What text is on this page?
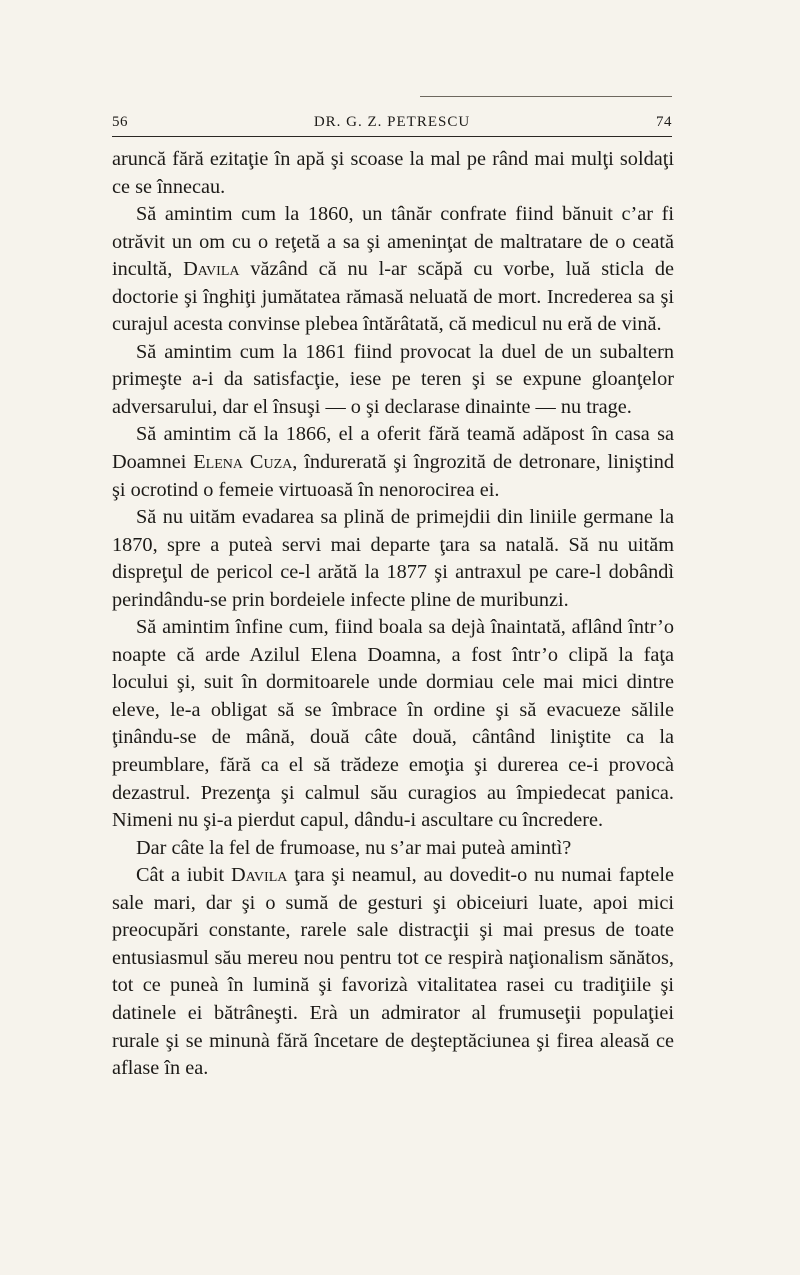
56	DR. G. Z. PETRESCU	74

aruncă fără ezitaţie în apă şi scoase la mal pe rând mai mulţi soldaţi ce se înnecau.

Să amintim cum la 1860, un tânăr confrate fiind bănuit c’ar fi otrăvit un om cu o reţetă a sa şi ameninţat de maltratare de o ceată incultă, Davila văzând că nu l-ar scăpă cu vorbe, luă sticla de doctorie şi înghiţi jumătatea rămasă neluată de mort. Increderea sa şi curajul acesta convinse plebea întărâtată, că medicul nu eră de vină.

Să amintim cum la 1861 fiind provocat la duel de un subaltern primeşte a-i da satisfacţie, iese pe teren şi se expune gloanţelor adversarului, dar el însuşi — o şi declarase dinainte — nu trage.

Să amintim că la 1866, el a oferit fără teamă adăpost în casa sa Doamnei Elena Cuza, îndurerată şi îngrozită de detronare, liniştind şi ocrotind o femeie virtuoasă în nenorocirea ei.

Să nu uităm evadarea sa plină de primejdii din liniile germane la 1870, spre a puteà servi mai departe ţara sa natală. Să nu uităm dispreţul de pericol ce-l arătă la 1877 şi antraxul pe care-l dobândì perindându-se prin bordeiele infecte pline de muribunzi.

Să amintim înfine cum, fiind boala sa dejà înaintată, aflând într’o noapte că arde Azilul Elena Doamna, a fost într’o clipă la faţa locului şi, suit în dormitoarele unde dormiau cele mai mici dintre eleve, le-a obligat să se îmbrace în ordine şi să evacueze sălile ţinându-se de mână, două câte două, cântând liniştite ca la preumblare, fără ca el să trădeze emoţia şi durerea ce-i provocà dezastrul. Prezenţa şi calmul său curagios au împiedecat panica. Nimeni nu şi-a pierdut capul, dându-i ascultare cu încredere.

Dar câte la fel de frumoase, nu s’ar mai puteà amintì?

Cât a iubit Davila ţara şi neamul, au dovedit-o nu numai faptele sale mari, dar şi o sumă de gesturi şi obiceiuri luate, apoi mici preocupări constante, rarele sale distracţii şi mai presus de toate entusiasmul său mereu nou pentru tot ce respirà naţionalism sănătos, tot ce puneà în lumină şi favorizà vitalitatea rasei cu tradiţiile şi datinele ei bătrâneşti. Erà un admirator al frumuseţii populaţiei rurale şi se minunà fără încetare de deşteptăciunea şi firea aleasă ce aflase în ea.
